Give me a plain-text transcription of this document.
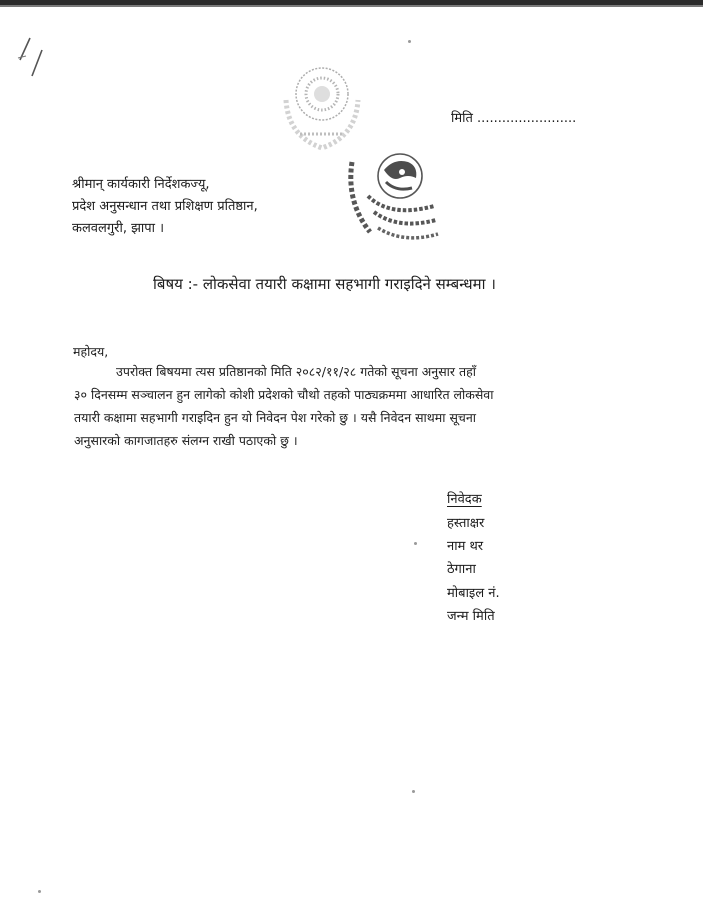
मिति ........................
श्रीमान् कार्यकारी निर्देशकज्यू,
प्रदेश अनुसन्धान तथा प्रशिक्षण प्रतिष्ठान,
कलवलगुरी, झापा ।
बिषय :- लोकसेवा तयारी कक्षामा सहभागी गराइदिने सम्बन्धमा ।
महोदय,
उपरोक्त बिषयमा त्यस प्रतिष्ठानको मिति २०८२/११/२८ गतेको सूचना अनुसार तहाँ
३० दिनसम्म सञ्चालन हुन लागेको कोशी प्रदेशको चौथो तहको पाठ्यक्रममा आधारित लोकसेवा
तयारी कक्षामा सहभागी गराइदिन हुन यो निवेदन पेश गरेको छु । यसै निवेदन साथमा सूचना
अनुसारको कागजातहरु संलग्न राखी पठाएको छु ।
निवेदक
हस्ताक्षर
नाम थर
ठेगाना
मोबाइल नं.
जन्म मिति
